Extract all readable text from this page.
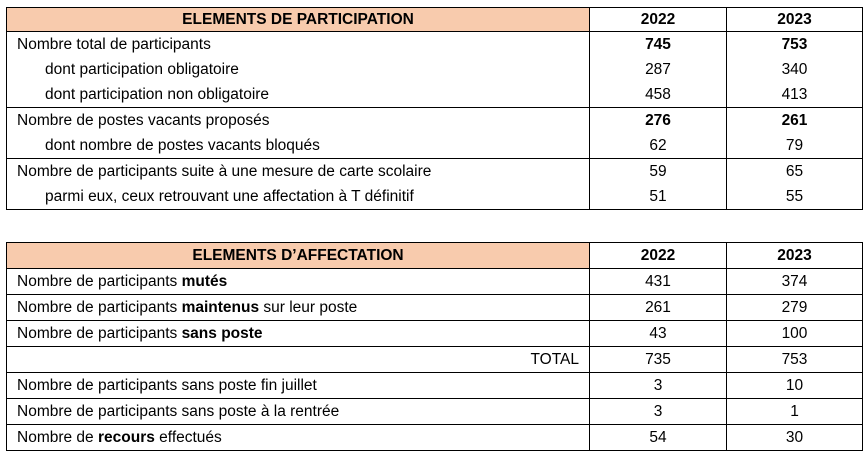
ELEMENTS DE PARTICIPATION	2022	2023
Nombre total de participants	745	753
dont participation obligatoire	287	340
dont participation non obligatoire	458	413
Nombre de postes vacants proposés	276	261
dont nombre de postes vacants bloqués	62	79
Nombre de participants suite à une mesure de carte scolaire	59	65
parmi eux, ceux retrouvant une affectation à T définitif	51	55
ELEMENTS D’AFFECTATION	2022	2023
Nombre de participants mutés	431	374
Nombre de participants maintenus sur leur poste	261	279
Nombre de participants sans poste	43	100
TOTAL	735	753
Nombre de participants sans poste fin juillet	3	10
Nombre de participants sans poste à la rentrée	3	1
Nombre de recours effectués	54	30
